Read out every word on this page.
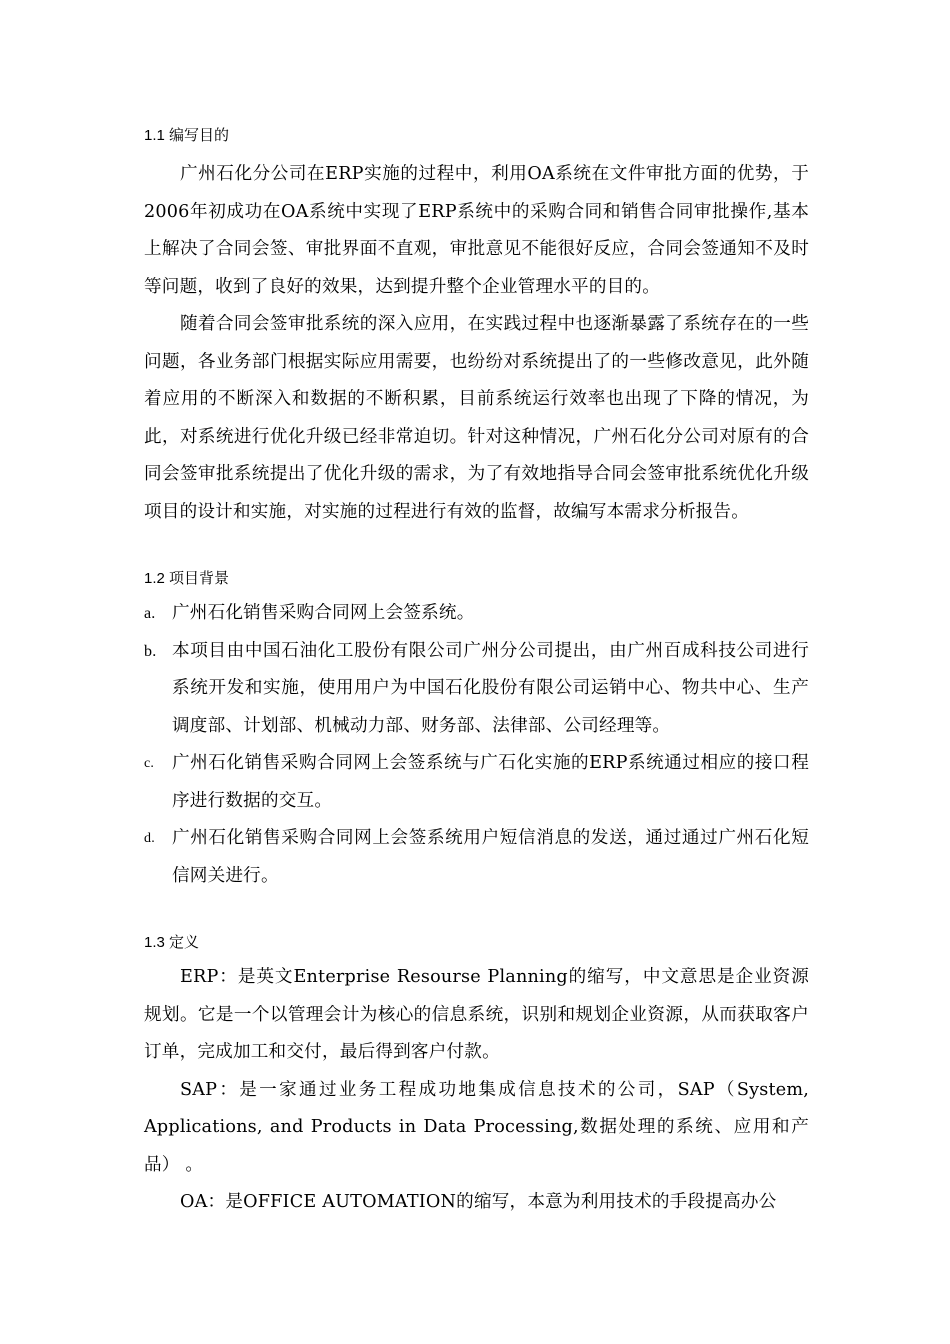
1.1 编写目的

广州石化分公司在ERP实施的过程中，利用OA系统在文件审批方面的优势，于2006年初成功在OA系统中实现了ERP系统中的采购合同和销售合同审批操作,基本上解决了合同会签、审批界面不直观，审批意见不能很好反应，合同会签通知不及时等问题，收到了良好的效果，达到提升整个企业管理水平的目的。

随着合同会签审批系统的深入应用，在实践过程中也逐渐暴露了系统存在的一些问题，各业务部门根据实际应用需要，也纷纷对系统提出了的一些修改意见，此外随着应用的不断深入和数据的不断积累，目前系统运行效率也出现了下降的情况，为此，对系统进行优化升级已经非常迫切。针对这种情况，广州石化分公司对原有的合同会签审批系统提出了优化升级的需求，为了有效地指导合同会签审批系统优化升级项目的设计和实施，对实施的过程进行有效的监督，故编写本需求分析报告。

1.2 项目背景

a. 广州石化销售采购合同网上会签系统。
b. 本项目由中国石油化工股份有限公司广州分公司提出，由广州百成科技公司进行系统开发和实施，使用用户为中国石化股份有限公司运销中心、物共中心、生产调度部、计划部、机械动力部、财务部、法律部、公司经理等。
c. 广州石化销售采购合同网上会签系统与广石化实施的ERP系统通过相应的接口程序进行数据的交互。
d. 广州石化销售采购合同网上会签系统用户短信消息的发送，通过通过广州石化短信网关进行。

1.3 定义

ERP：是英文Enterprise Resourse Planning的缩写，中文意思是企业资源规划。它是一个以管理会计为核心的信息系统，识别和规划企业资源，从而获取客户订单，完成加工和交付，最后得到客户付款。

SAP：是一家通过业务工程成功地集成信息技术的公司，SAP（System, Applications, and Products in Data Processing,数据处理的系统、应用和产品） 。

OA：是OFFICE AUTOMATION的缩写，本意为利用技术的手段提高办公
